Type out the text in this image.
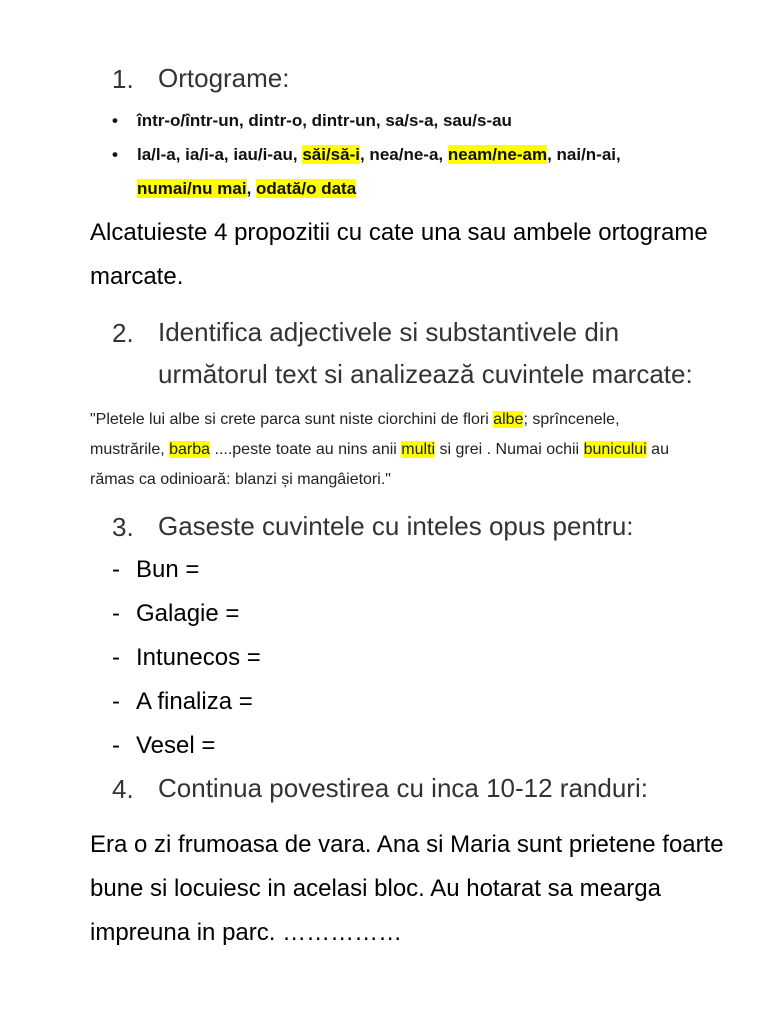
1. Ortograme:
• într-o/într-un, dintr-o, dintr-un, sa/s-a, sau/s-au
• la/l-a, ia/i-a, iau/i-au, săi/să-i, nea/ne-a, neam/ne-am, nai/n-ai,
numai/nu mai, odată/o data
Alcatuieste 4 propozitii cu cate una sau ambele ortograme
marcate.
2. Identifica adjectivele si substantivele din
următorul text si analizează cuvintele marcate:
"Pletele lui albe si crete parca sunt niste ciorchini de flori albe; sprîncenele,
mustrările, barba ....peste toate au nins anii multi si grei . Numai ochii bunicului au
rămas ca odinioară: blanzi și mangâietori."
3. Gaseste cuvintele cu inteles opus pentru:
- Bun =
- Galagie =
- Intunecos =
- A finaliza =
- Vesel =
4. Continua povestirea cu inca 10-12 randuri:
Era o zi frumoasa de vara. Ana si Maria sunt prietene foarte
bune si locuiesc in acelasi bloc. Au hotarat sa mearga
impreuna in parc. ……………
